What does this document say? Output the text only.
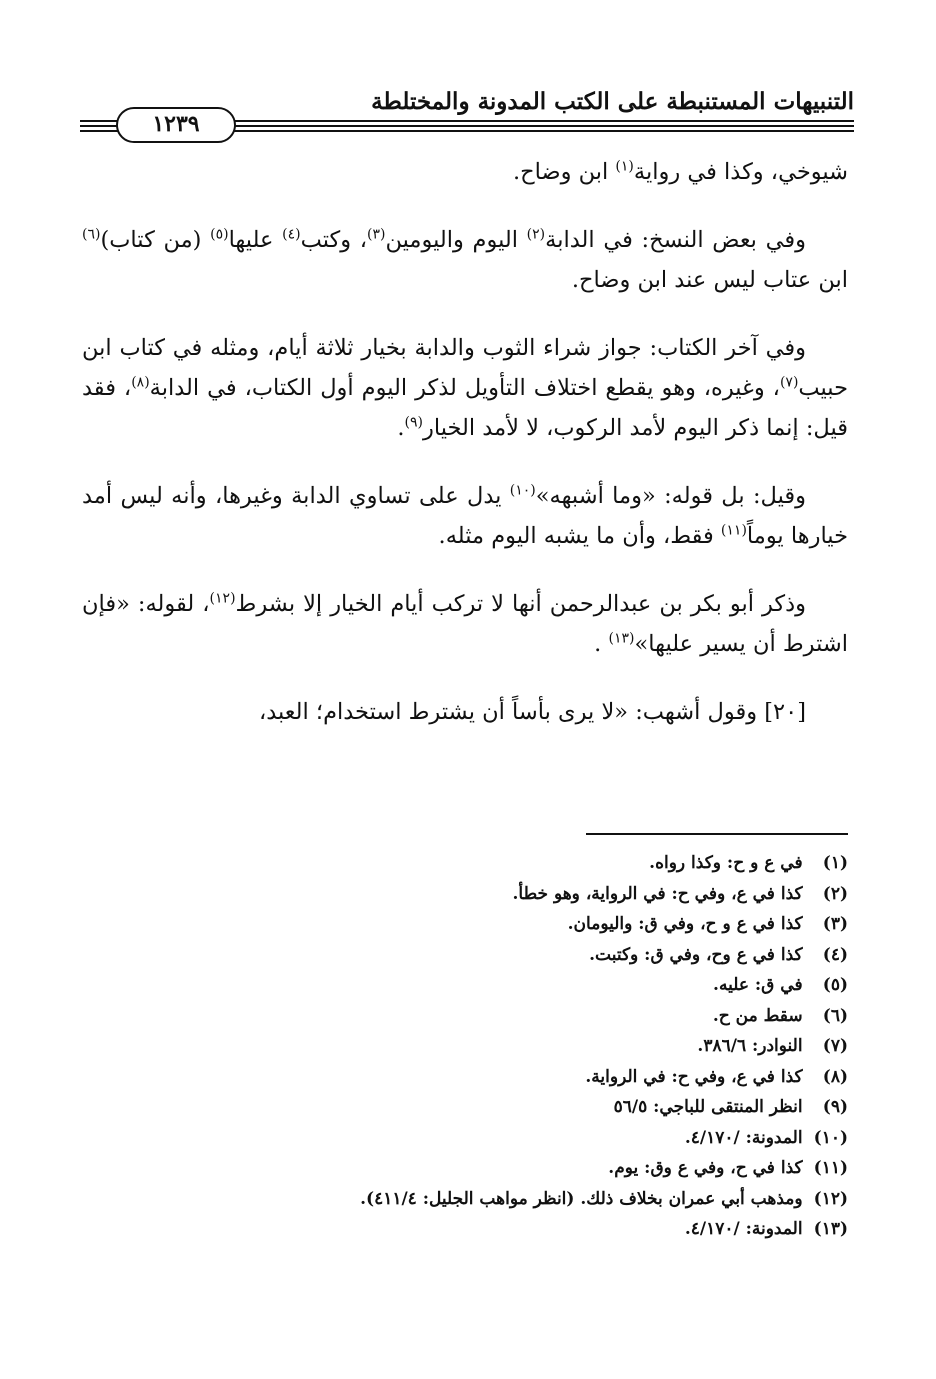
التنبيهات المستنبطة على الكتب المدونة والمختلطة
١٢٣٩

شيوخي، وكذا في رواية$^{(١)}$ ابن وضاح.

وفي بعض النسخ: في الدابة$^{(٢)}$ اليوم واليومين$^{(٣)}$، وكتب$^{(٤)}$ عليها$^{(٥)}$ (من كتاب)$^{(٦)}$ ابن عتاب ليس عند ابن وضاح.

وفي آخر الكتاب: جواز شراء الثوب والدابة بخيار ثلاثة أيام، ومثله في كتاب ابن حبيب$^{(٧)}$، وغيره، وهو يقطع اختلاف التأويل لذكر اليوم أول الكتاب، في الدابة$^{(٨)}$، فقد قيل: إنما ذكر اليوم لأمد الركوب، لا لأمد الخيار$^{(٩)}$.

وقيل: بل قوله: «وما أشبهه»$^{(١٠)}$ يدل على تساوي الدابة وغيرها، وأنه ليس أمد خيارها يوماً$^{(١١)}$ فقط، وأن ما يشبه اليوم مثله.

وذكر أبو بكر بن عبدالرحمن أنها لا تركب أيام الخيار إلا بشرط$^{(١٢)}$، لقوله: «فإن اشترط أن يسير عليها»$^{(١٣)}$ .

[٢٠] وقول أشهب: «لا يرى بأساً أن يشترط استخدام؛ العبد،

(١) في ع و ح: وكذا رواه.
(٢) كذا في ع، وفي ح: في الرواية، وهو خطأ.
(٣) كذا في ع و ح، وفي ق: واليومان.
(٤) كذا في ع وح، وفي ق: وكتبت.
(٥) في ق: عليه.
(٦) سقط من ح.
(٧) النوادر: ٣٨٦/٦.
(٨) كذا في ع، وفي ح: في الرواية.
(٩) انظر المنتقى للباجي: ٥٦/٥
(١٠) المدونة: /٤/١٧٠.
(١١) كذا في ح، وفي ع وق: يوم.
(١٢) ومذهب أبي عمران بخلاف ذلك. (انظر مواهب الجليل: ٤١١/٤).
(١٣) المدونة: /٤/١٧٠.
